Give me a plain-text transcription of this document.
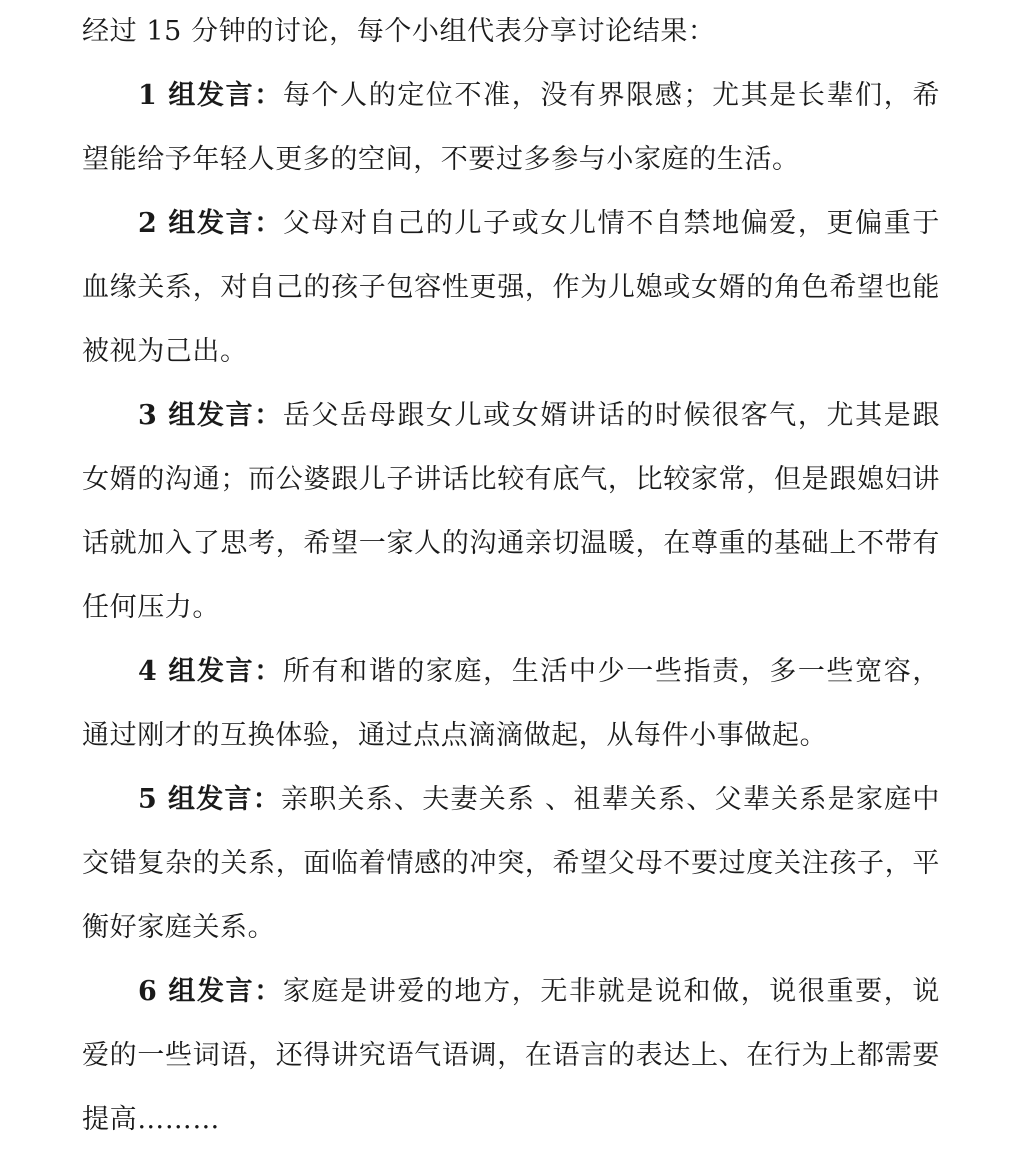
经过 15 分钟的讨论，每个小组代表分享讨论结果：

1 组发言：每个人的定位不准，没有界限感；尤其是长辈们，希望能给予年轻人更多的空间，不要过多参与小家庭的生活。

2 组发言：父母对自己的儿子或女儿情不自禁地偏爱，更偏重于血缘关系，对自己的孩子包容性更强，作为儿媳或女婿的角色希望也能被视为己出。

3 组发言：岳父岳母跟女儿或女婿讲话的时候很客气，尤其是跟女婿的沟通；而公婆跟儿子讲话比较有底气，比较家常，但是跟媳妇讲话就加入了思考，希望一家人的沟通亲切温暖，在尊重的基础上不带有任何压力。

4 组发言：所有和谐的家庭，生活中少一些指责，多一些宽容，通过刚才的互换体验，通过点点滴滴做起，从每件小事做起。

5 组发言：亲职关系、夫妻关系 、祖辈关系、父辈关系是家庭中交错复杂的关系，面临着情感的冲突，希望父母不要过度关注孩子，平衡好家庭关系。

6 组发言：家庭是讲爱的地方，无非就是说和做，说很重要，说爱的一些词语，还得讲究语气语调，在语言的表达上、在行为上都需要提高………
